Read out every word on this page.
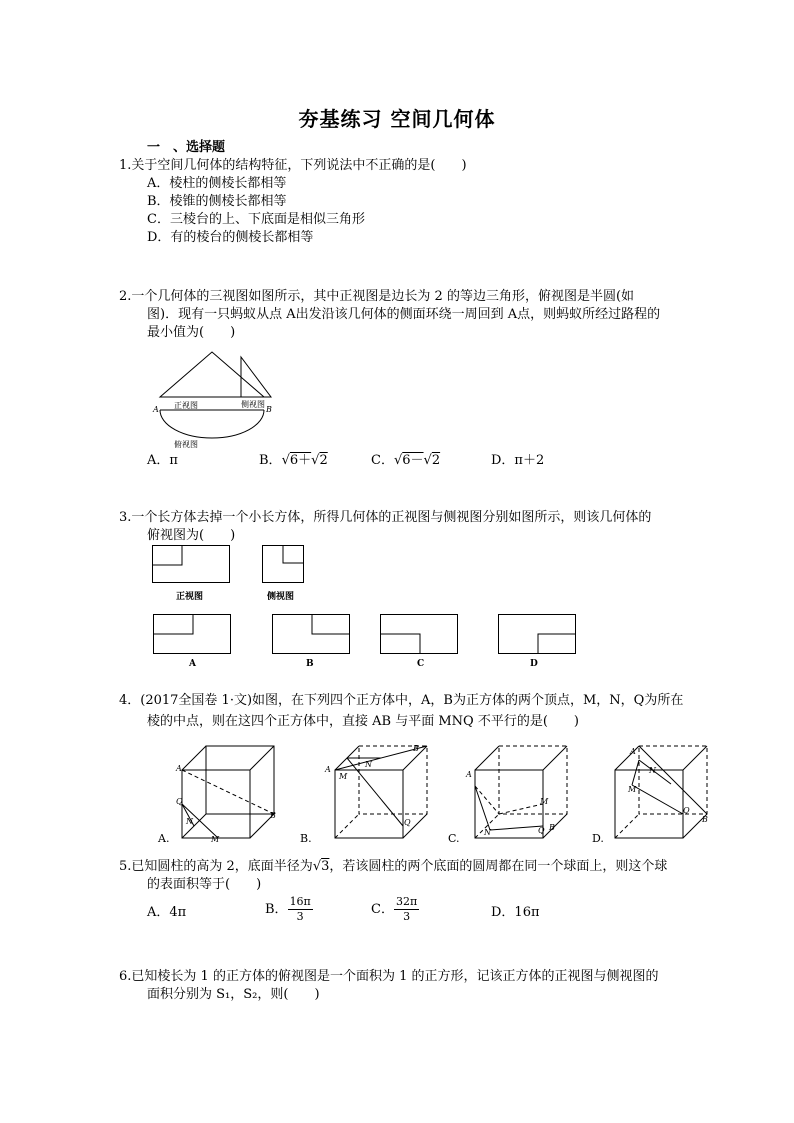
夯基练习 空间几何体
一　、选择题
1.关于空间几何体的结构特征，下列说法中不正确的是(　　)
A．棱柱的侧棱长都相等
B．棱锥的侧棱长都相等
C．三棱台的上、下底面是相似三角形
D．有的棱台的侧棱长都相等
2.一个几何体的三视图如图所示，其中正视图是边长为 2 的等边三角形，俯视图是半圆(如
图)．现有一只蚂蚁从点 A出发沿该几何体的侧面环绕一周回到 A点，则蚂蚁所经过路程的
最小值为(　　)
正视图	侧视图
俯视图
A	B
A．π	B．√6＋√2	C．√6－√2	D．π＋2
3.一个长方体去掉一个小长方体，所得几何体的正视图与侧视图分别如图所示，则该几何体的
俯视图为(　　)
正视图	侧视图
A	B	C	D
4．(2017全国卷 1·文)如图，在下列四个正方体中，A，B为正方体的两个顶点，M，N，Q为所在
棱的中点，则在这四个正方体中，直接 AB 与平面 MNQ 不平行的是(　　)
A
Q
N
M
B
A.
A
B
N
M
Q
B.
A
M
N	Q B
C.
A
N
M
Q
B
D.
5.已知圆柱的高为 2，底面半径为√3，若该圆柱的两个底面的圆周都在同一个球面上，则这个球
的表面积等于(　　)
A．4π	B． $\frac{16\pi}{3}$	C． $\frac{32\pi}{3}$	D．16π
6.已知棱长为 1 的正方体的俯视图是一个面积为 1 的正方形，记该正方体的正视图与侧视图的
面积分别为 S₁，S₂，则(　　)
